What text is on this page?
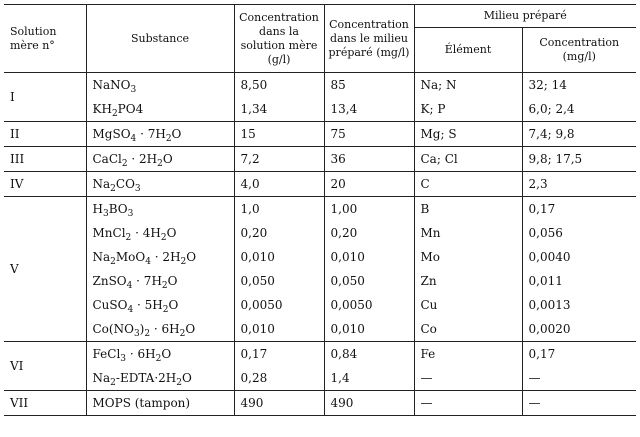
Solution mère n°	Substance	Concentration dans la solution mère (g/l)	Concentration dans le milieu préparé (mg/l)	Milieu préparé	
				Élément	Concentration (mg/l)
I	NaNO$_3$	8,50	85	Na; N	32; 14
	$KH_2PO4$	1,34	13,4	K; P	6,0; 2,4
II	MgSO$_4$ · $7H_2O$	15	75	Mg; S	7,4; 9,8
III	CaCl$_2$ · $2H_2O$	7,2	36	Ca; Cl	9,8; 17,5
IV	$Na_2CO_3$	4,0	20	C	2,3
V	$H_3BO_3$	1,0	1,00	B	0,17
	MnCl$_2$ · $4H_2O$	0,20	0,20	Mn	0,056
	$Na_2MoO_4 \cdot 2H_2O$	0,010	0,010	Mo	0,0040
	ZnSO$_4$ · $7H_2O$	0,050	0,050	Zn	0,011
	CuSO$_4$ · $5H_2O$	0,0050	0,0050	Cu	0,0013
	$Co(NO_3)_2 \cdot 6H_2O$	0,010	0,010	Co	0,0020
VI	FeCl$_3$ · $6H_2O$	0,17	0,84	Fe	0,17
	$Na_2-EDTA\cdot 2H_2O$	0,28	1,4	—	—
VII	MOPS (tampon)	490	490	—	—
